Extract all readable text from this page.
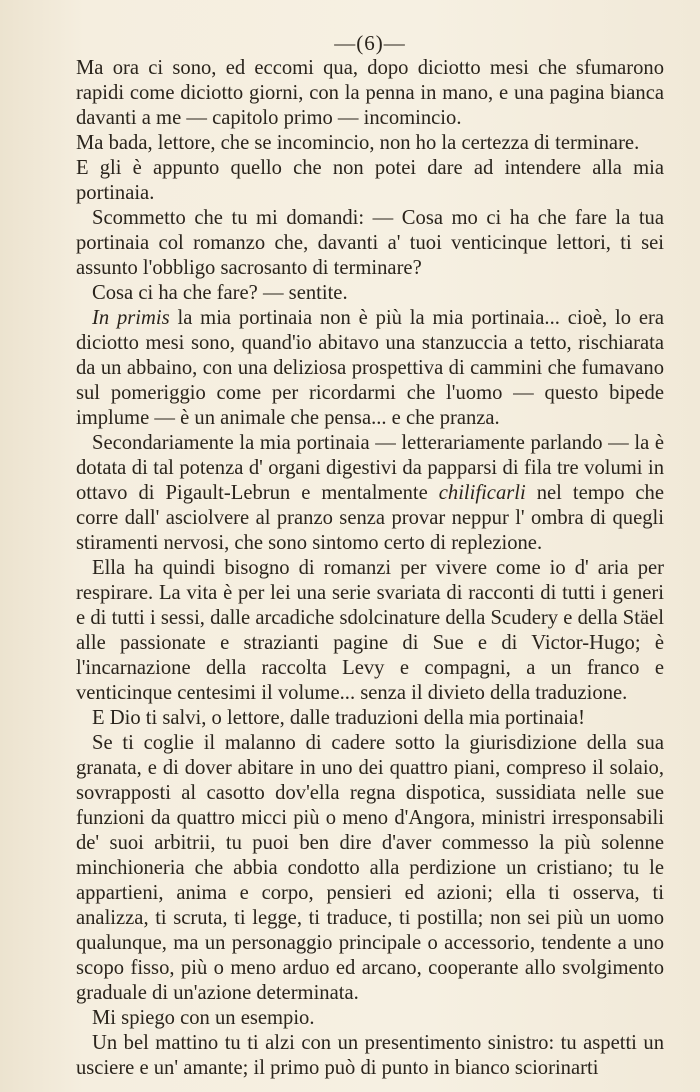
—(6)—

Ma ora ci sono, ed eccomi qua, dopo diciotto mesi che sfumarono rapidi come diciotto giorni, con la penna in mano, e una pagina bianca davanti a me — capitolo primo — incomincio.

Ma bada, lettore, che se incomincio, non ho la certezza di terminare.

E gli è appunto quello che non potei dare ad intendere alla mia portinaia.

Scommetto che tu mi domandi: — Cosa mo ci ha che fare la tua portinaia col romanzo che, davanti a' tuoi venticinque lettori, ti sei assunto l'obbligo sacrosanto di terminare?

Cosa ci ha che fare? — sentite.

In primis la mia portinaia non è più la mia portinaia... cioè, lo era diciotto mesi sono, quand'io abitavo una stanzuccia a tetto, rischiarata da un abbaino, con una deliziosa prospettiva di cammini che fumavano sul pomeriggio come per ricordarmi che l'uomo — questo bipede implume — è un animale che pensa... e che pranza.

Secondariamente la mia portinaia — letterariamente parlando — la è dotata di tal potenza d' organi digestivi da papparsi di fila tre volumi in ottavo di Pigault-Lebrun e mentalmente chilificarli nel tempo che corre dall' asciolvere al pranzo senza provar neppur l' ombra di quegli stiramenti nervosi, che sono sintomo certo di replezione.

Ella ha quindi bisogno di romanzi per vivere come io d' aria per respirare. La vita è per lei una serie svariata di racconti di tutti i generi e di tutti i sessi, dalle arcadiche sdolcinature della Scudery e della Stäel alle passionate e strazianti pagine di Sue e di Victor-Hugo; è l'incarnazione della raccolta Levy e compagni, a un franco e venticinque centesimi il volume... senza il divieto della traduzione.

E Dio ti salvi, o lettore, dalle traduzioni della mia portinaia!

Se ti coglie il malanno di cadere sotto la giurisdizione della sua granata, e di dover abitare in uno dei quattro piani, compreso il solaio, sovrapposti al casotto dov'ella regna dispotica, sussidiata nelle sue funzioni da quattro micci più o meno d'Angora, ministri irresponsabili de' suoi arbitrii, tu puoi ben dire d'aver commesso la più solenne minchioneria che abbia condotto alla perdizione un cristiano; tu le appartieni, anima e corpo, pensieri ed azioni; ella ti osserva, ti analizza, ti scruta, ti legge, ti traduce, ti postilla; non sei più un uomo qualunque, ma un personaggio principale o accessorio, tendente a uno scopo fisso, più o meno arduo ed arcano, cooperante allo svolgimento graduale di un'azione determinata.

Mi spiego con un esempio.

Un bel mattino tu ti alzi con un presentimento sinistro: tu aspetti un usciere e un' amante; il primo può di punto in bianco sciorinarti
